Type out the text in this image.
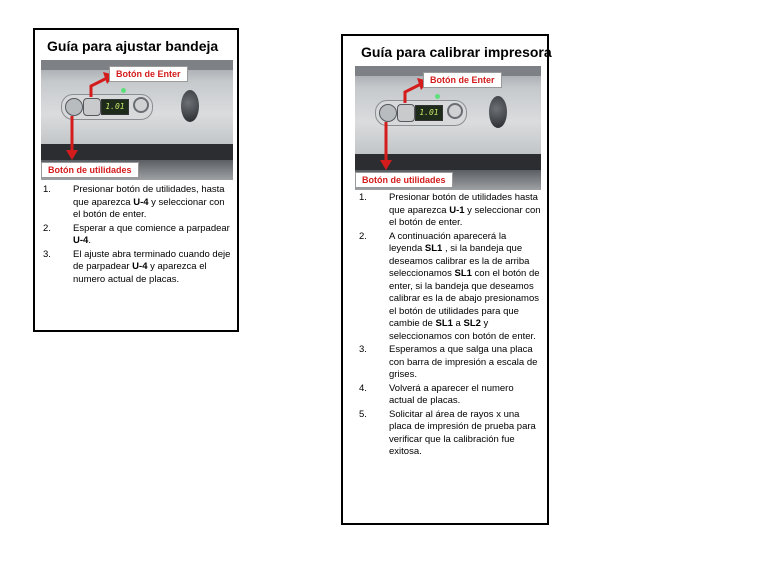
Guía para ajustar bandeja
1.01
Botón de Enter
Botón de utilidades
1.	Presionar botón de utilidades, hasta que aparezca U-4 y seleccionar con el botón de enter.
2.	Esperar a que comience a parpadear U-4.
3.	El ajuste abra terminado cuando deje de parpadear U-4 y aparezca el numero actual de placas.
Guía para calibrar impresora
1.01
Botón de Enter
Botón de utilidades
1.	Presionar botón de utilidades hasta que aparezca U-1 y seleccionar con el botón de enter.
2.	A continuación aparecerá la leyenda SL1 , si la bandeja que deseamos calibrar es la de arriba seleccionamos SL1 con el botón de enter, si la bandeja que deseamos calibrar es la de abajo presionamos el botón de utilidades para que cambie de SL1 a SL2 y seleccionamos con botón de enter.
3.	Esperamos a que salga una placa con barra de impresión a escala de grises.
4.	Volverá a aparecer el numero actual de placas.
5.	Solicitar al área de rayos x una placa de impresión de prueba para verificar que la calibración fue exitosa.
